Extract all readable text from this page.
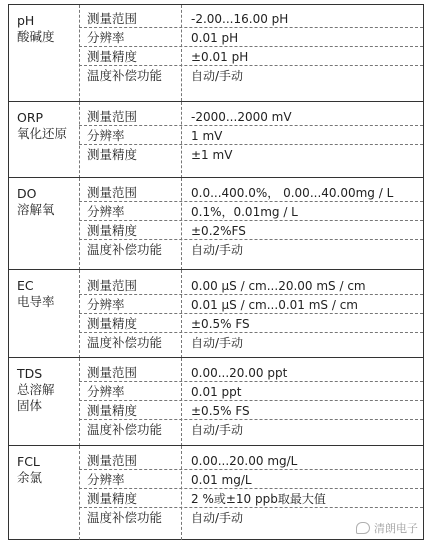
pH
酸碱度
测量范围	-2.00...16.00 pH
分辨率	0.01 pH
测量精度	±0.01 pH
温度补偿功能 自动/手动
ORP
氧化还原
测量范围	-2000...2000 mV
分辨率	1 mV
测量精度	±1 mV
DO
溶解氧
测量范围	0.0...400.0%， 0.00...40.00mg / L
分辨率	0.1%，0.01mg / L
测量精度	±0.2%FS
温度补偿功能 自动/手动
EC
电导率
测量范围	0.00 μS / cm...20.00 mS / cm
分辨率	0.01 μS / cm...0.01 mS / cm
测量精度	±0.5% FS
温度补偿功能 自动/手动
TDS
总溶解
固体
测量范围	0.00...20.00 ppt
分辨率	0.01 ppt
测量精度	±0.5% FS
温度补偿功能 自动/手动
FCL
余氯
测量范围	0.00...20.00 mg/L
分辨率	0.01 mg/L
测量精度	2 %或±10 ppb取最大值
温度补偿功能 自动/手动
清朗电子
